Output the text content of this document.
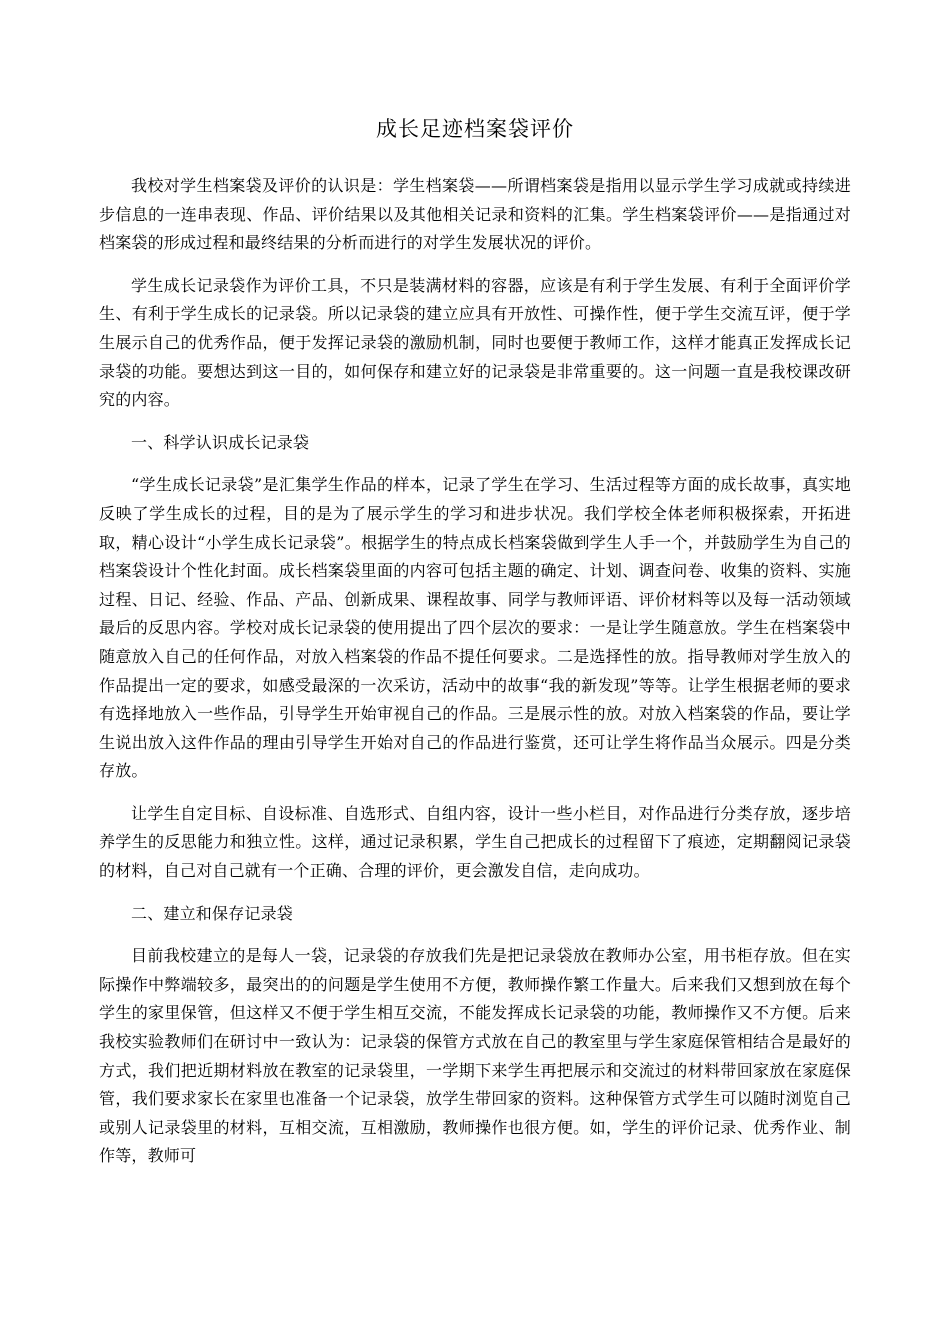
成长足迹档案袋评价

我校对学生档案袋及评价的认识是：学生档案袋——所谓档案袋是指用以显示学生学习成就或持续进步信息的一连串表现、作品、评价结果以及其他相关记录和资料的汇集。学生档案袋评价——是指通过对档案袋的形成过程和最终结果的分析而进行的对学生发展状况的评价。

学生成长记录袋作为评价工具，不只是装满材料的容器，应该是有利于学生发展、有利于全面评价学生、有利于学生成长的记录袋。所以记录袋的建立应具有开放性、可操作性，便于学生交流互评，便于学生展示自己的优秀作品，便于发挥记录袋的激励机制，同时也要便于教师工作，这样才能真正发挥成长记录袋的功能。要想达到这一目的，如何保存和建立好的记录袋是非常重要的。这一问题一直是我校课改研究的内容。

一、科学认识成长记录袋

“学生成长记录袋”是汇集学生作品的样本，记录了学生在学习、生活过程等方面的成长故事，真实地反映了学生成长的过程，目的是为了展示学生的学习和进步状况。我们学校全体老师积极探索，开拓进取，精心设计“小学生成长记录袋”。根据学生的特点成长档案袋做到学生人手一个，并鼓励学生为自己的档案袋设计个性化封面。成长档案袋里面的内容可包括主题的确定、计划、调查问卷、收集的资料、实施过程、日记、经验、作品、产品、创新成果、课程故事、同学与教师评语、评价材料等以及每一活动领域最后的反思内容。学校对成长记录袋的使用提出了四个层次的要求：一是让学生随意放。学生在档案袋中随意放入自己的任何作品，对放入档案袋的作品不提任何要求。二是选择性的放。指导教师对学生放入的作品提出一定的要求，如感受最深的一次采访，活动中的故事“我的新发现”等等。让学生根据老师的要求有选择地放入一些作品，引导学生开始审视自己的作品。三是展示性的放。对放入档案袋的作品，要让学生说出放入这件作品的理由引导学生开始对自己的作品进行鉴赏，还可让学生将作品当众展示。四是分类存放。

让学生自定目标、自设标准、自选形式、自组内容，设计一些小栏目，对作品进行分类存放，逐步培养学生的反思能力和独立性。这样，通过记录积累，学生自己把成长的过程留下了痕迹，定期翻阅记录袋的材料，自己对自己就有一个正确、合理的评价，更会激发自信，走向成功。

二、建立和保存记录袋

目前我校建立的是每人一袋，记录袋的存放我们先是把记录袋放在教师办公室，用书柜存放。但在实际操作中弊端较多，最突出的的问题是学生使用不方便，教师操作繁工作量大。后来我们又想到放在每个学生的家里保管，但这样又不便于学生相互交流，不能发挥成长记录袋的功能，教师操作又不方便。后来我校实验教师们在研讨中一致认为：记录袋的保管方式放在自己的教室里与学生家庭保管相结合是最好的方式，我们把近期材料放在教室的记录袋里，一学期下来学生再把展示和交流过的材料带回家放在家庭保管，我们要求家长在家里也准备一个记录袋，放学生带回家的资料。这种保管方式学生可以随时浏览自己或别人记录袋里的材料，互相交流，互相激励，教师操作也很方便。如，学生的评价记录、优秀作业、制作等，教师可
